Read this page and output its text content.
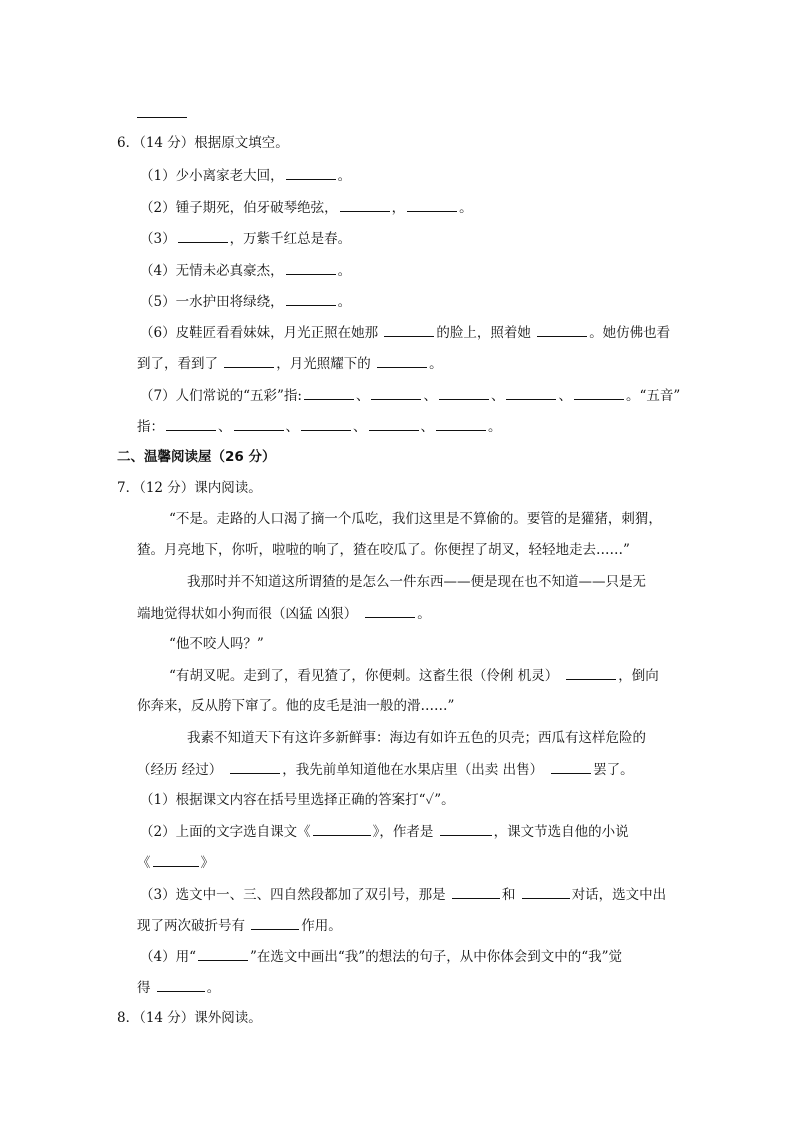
6．（14 分）根据原文填空。
（1）少小离家老大回，	。
（2）锺子期死，伯牙破琴绝弦，	，	。
（3）	，万紫千红总是春。
（4）无情未必真豪杰，	。
（5）一水护田将绿绕，	。
（6）皮鞋匠看看妹妹，月光正照在她那	的脸上，照着她	。她仿佛也看
到了，看到了	，月光照耀下的	。
（7）人们常说的“五彩”指:	、	、	、	、	。“五音”
指：	、	、	、	、	。
二、温馨阅读屋（26 分）
7．（12 分）课内阅读。
“不是。走路的人口渴了摘一个瓜吃，我们这里是不算偷的。要管的是獾猪，刺猬，
猹。月亮地下，你听，啦啦的响了，猹在咬瓜了。你便捏了胡叉，轻轻地走去……”
我那时并不知道这所谓猹的是怎么一件东西——便是现在也不知道——只是无
端地觉得状如小狗而很（凶猛 凶狠）	。
“他不咬人吗？”
“有胡叉呢。走到了，看见猹了，你便刺。这畜生很（伶俐 机灵）	，倒向
你奔来，反从胯下窜了。他的皮毛是油一般的滑……”
我素不知道天下有这许多新鲜事：海边有如许五色的贝壳；西瓜有这样危险的
（经历 经过）	，我先前单知道他在水果店里（出卖 出售）	罢了。
（1）根据课文内容在括号里选择正确的答案打“✓”。
（2）上面的文字选自课文《	》，作者是	，课文节选自他的小说
《	》
（3）选文中一、三、四自然段都加了双引号，那是	和	对话，选文中出
现了两次破折号有	作用。
（4）用“	”在选文中画出“我”的想法的句子，从中你体会到文中的“我”觉
得	。
8．（14 分）课外阅读。
